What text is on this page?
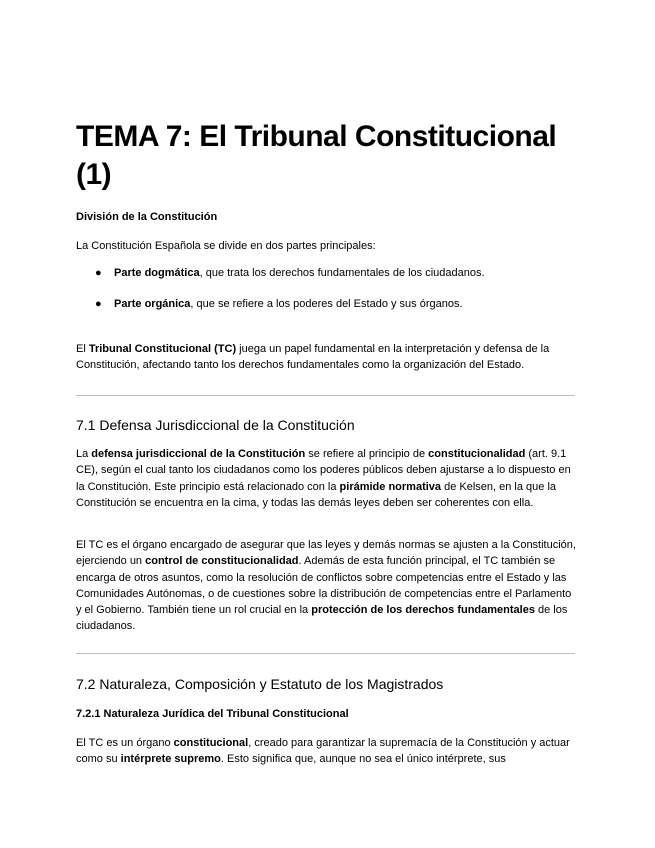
TEMA 7: El Tribunal Constitucional (1)
División de la Constitución

La Constitución Española se divide en dos partes principales:

● Parte dogmática, que trata los derechos fundamentales de los ciudadanos.
● Parte orgánica, que se refiere a los poderes del Estado y sus órganos.

El Tribunal Constitucional (TC) juega un papel fundamental en la interpretación y defensa de la Constitución, afectando tanto los derechos fundamentales como la organización del Estado.

7.1 Defensa Jurisdiccional de la Constitución

La defensa jurisdiccional de la Constitución se refiere al principio de constitucionalidad (art. 9.1 CE), según el cual tanto los ciudadanos como los poderes públicos deben ajustarse a lo dispuesto en la Constitución. Este principio está relacionado con la pirámide normativa de Kelsen, en la que la Constitución se encuentra en la cima, y todas las demás leyes deben ser coherentes con ella.

El TC es el órgano encargado de asegurar que las leyes y demás normas se ajusten a la Constitución, ejerciendo un control de constitucionalidad. Además de esta función principal, el TC también se encarga de otros asuntos, como la resolución de conflictos sobre competencias entre el Estado y las Comunidades Autónomas, o de cuestiones sobre la distribución de competencias entre el Parlamento y el Gobierno. También tiene un rol crucial en la protección de los derechos fundamentales de los ciudadanos.

7.2 Naturaleza, Composición y Estatuto de los Magistrados
7.2.1 Naturaleza Jurídica del Tribunal Constitucional

El TC es un órgano constitucional, creado para garantizar la supremacía de la Constitución y actuar como su intérprete supremo. Esto significa que, aunque no sea el único intérprete, sus
